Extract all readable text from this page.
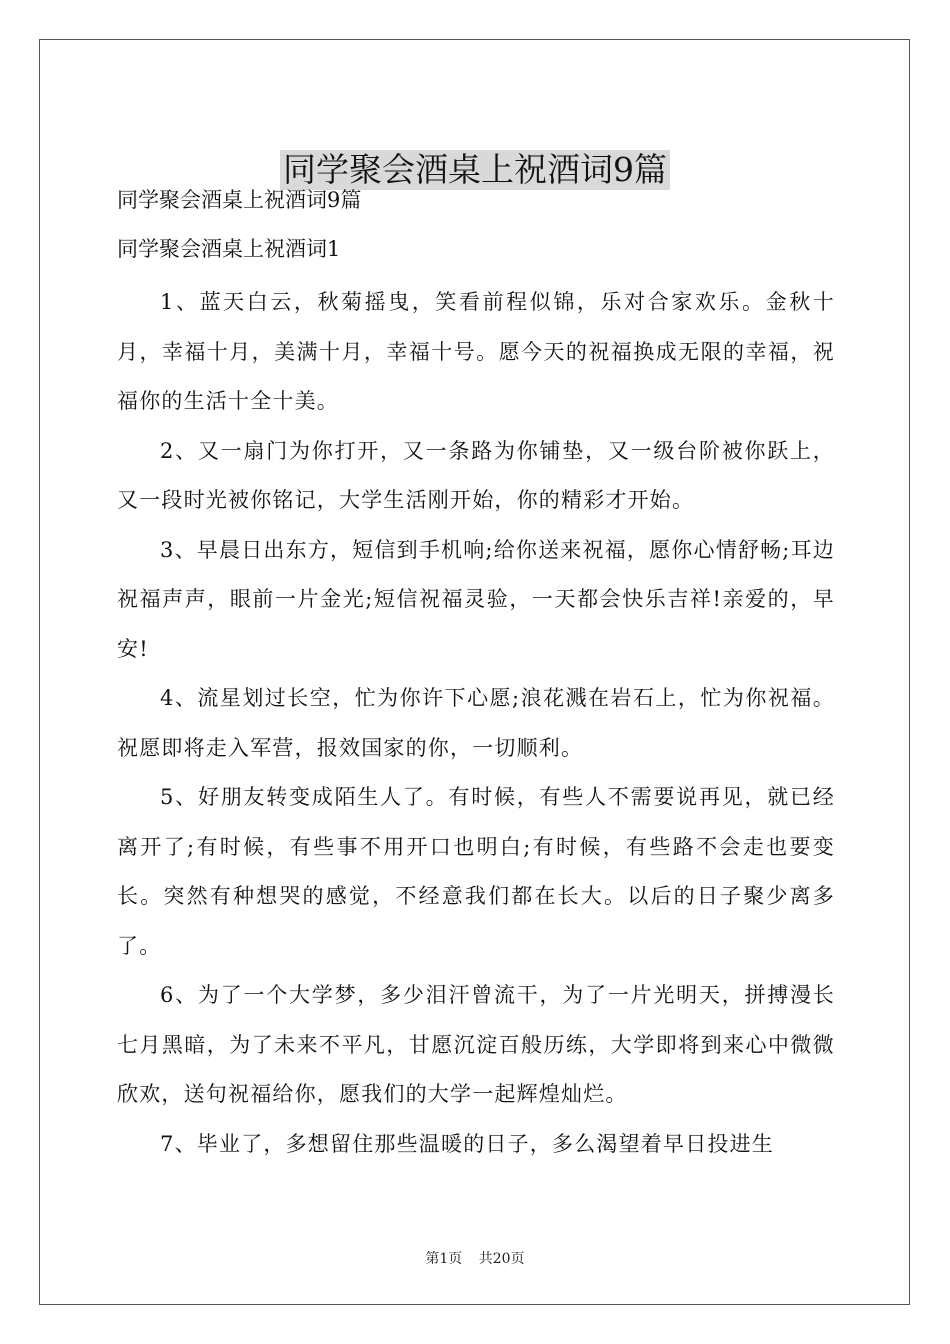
同学聚会酒桌上祝酒词9篇
同学聚会酒桌上祝酒词9篇
同学聚会酒桌上祝酒词1

1、蓝天白云，秋菊摇曳，笑看前程似锦，乐对合家欢乐。金秋十月，幸福十月，美满十月，幸福十号。愿今天的祝福换成无限的幸福，祝福你的生活十全十美。

2、又一扇门为你打开，又一条路为你铺垫，又一级台阶被你跃上，又一段时光被你铭记，大学生活刚开始，你的精彩才开始。

3、早晨日出东方，短信到手机响;给你送来祝福，愿你心情舒畅;耳边祝福声声，眼前一片金光;短信祝福灵验，一天都会快乐吉祥!亲爱的，早安!

4、流星划过长空，忙为你许下心愿;浪花溅在岩石上，忙为你祝福。祝愿即将走入军营，报效国家的你，一切顺利。

5、好朋友转变成陌生人了。有时候，有些人不需要说再见，就已经离开了;有时候，有些事不用开口也明白;有时候，有些路不会走也要变长。突然有种想哭的感觉，不经意我们都在长大。以后的日子聚少离多了。

6、为了一个大学梦，多少泪汗曾流干，为了一片光明天，拼搏漫长七月黑暗，为了未来不平凡，甘愿沉淀百般历练，大学即将到来心中微微欣欢，送句祝福给你，愿我们的大学一起辉煌灿烂。

7、毕业了，多想留住那些温暖的日子，多么渴望着早日投进生

第1页 共20页
